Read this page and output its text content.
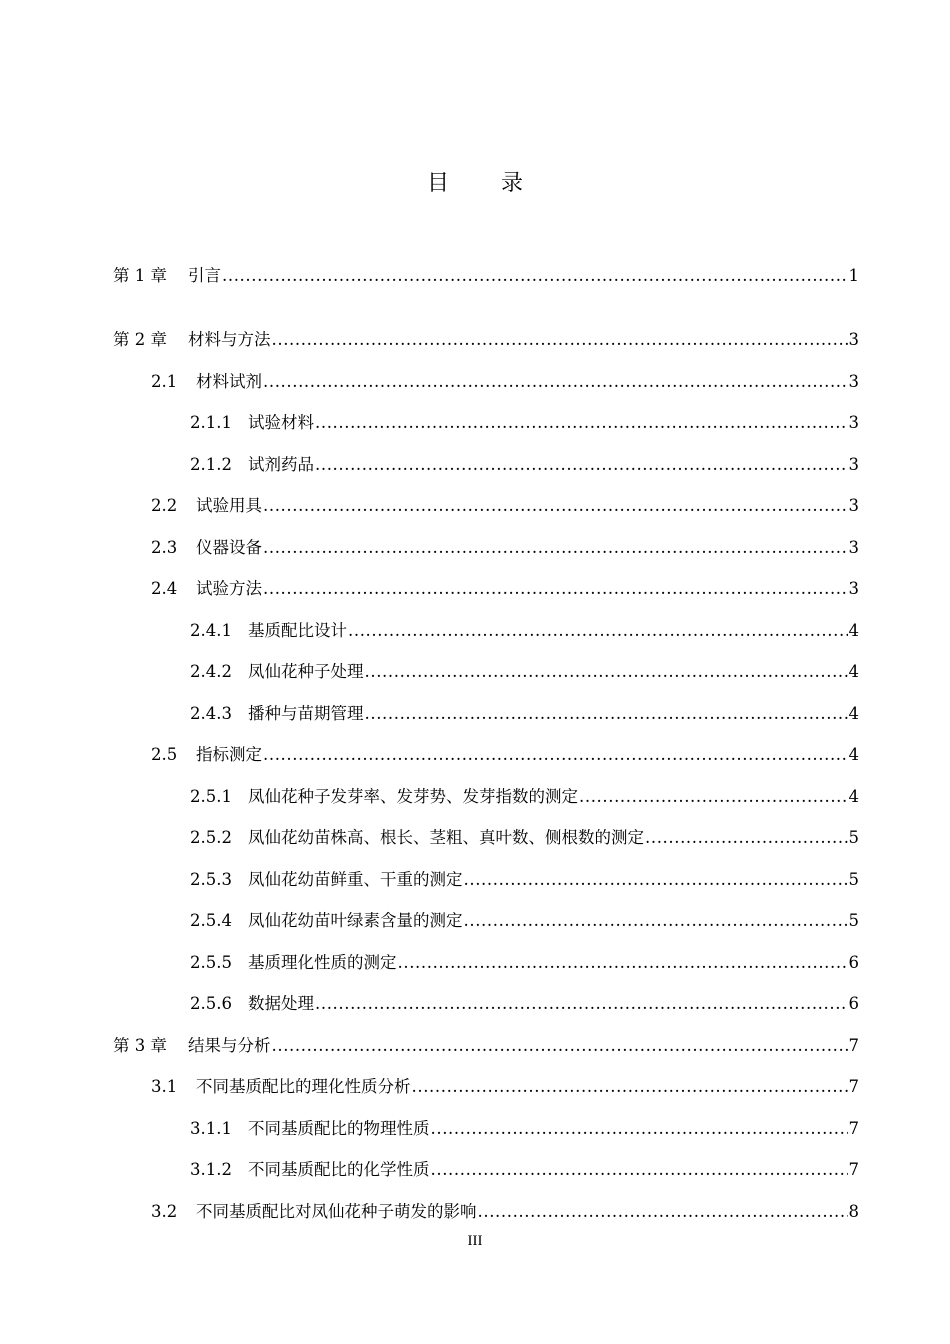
目 录
第 1 章	引言 .....	1
第 2 章	材料与方法 .....	3
2.1	材料试剂 .....	3
2.1.1 试验材料 .....	3
2.1.2 试剂药品 .....	3
2.2	试验用具 .....	3
2.3	仪器设备 .....	3
2.4	试验方法 .....	3
2.4.1 基质配比设计 .....	4
2.4.2 凤仙花种子处理 .....	4
2.4.3 播种与苗期管理 .....	4
2.5	指标测定 .....	4
2.5.1 凤仙花种子发芽率、发芽势、发芽指数的测定 .....	4
2.5.2 凤仙花幼苗株高、根长、茎粗、真叶数、侧根数的测定 .....	5
2.5.3 凤仙花幼苗鲜重、干重的测定 .....	5
2.5.4 凤仙花幼苗叶绿素含量的测定 .....	5
2.5.5 基质理化性质的测定 .....	6
2.5.6 数据处理 .....	6
第 3 章	结果与分析 .....	7
3.1	不同基质配比的理化性质分析 .....	7
3.1.1 不同基质配比的物理性质 .....	7
3.1.2 不同基质配比的化学性质 .....	7
3.2	不同基质配比对凤仙花种子萌发的影响 .....	8
III
